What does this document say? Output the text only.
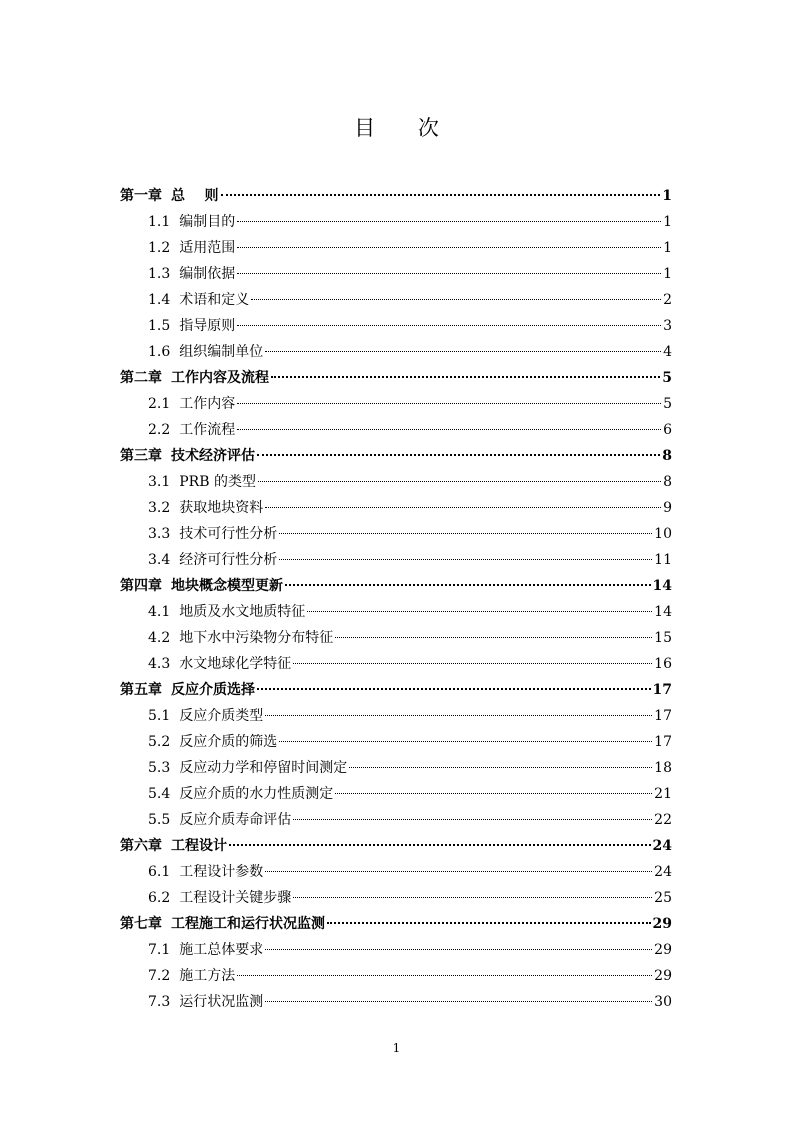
目 次
第一章 总    则	1
1.1 编制目的	1
1.2 适用范围	1
1.3 编制依据	1
1.4 术语和定义	2
1.5 指导原则	3
1.6 组织编制单位	4
第二章 工作内容及流程	5
2.1 工作内容	5
2.2 工作流程	6
第三章 技术经济评估	8
3.1 PRB 的类型	8
3.2 获取地块资料	9
3.3 技术可行性分析	10
3.4 经济可行性分析	11
第四章 地块概念模型更新	14
4.1 地质及水文地质特征	14
4.2 地下水中污染物分布特征	15
4.3 水文地球化学特征	16
第五章 反应介质选择	17
5.1 反应介质类型	17
5.2 反应介质的筛选	17
5.3 反应动力学和停留时间测定	18
5.4 反应介质的水力性质测定	21
5.5 反应介质寿命评估	22
第六章 工程设计	24
6.1 工程设计参数	24
6.2 工程设计关键步骤	25
第七章 工程施工和运行状况监测	29
7.1 施工总体要求	29
7.2 施工方法	29
7.3 运行状况监测	30
1
